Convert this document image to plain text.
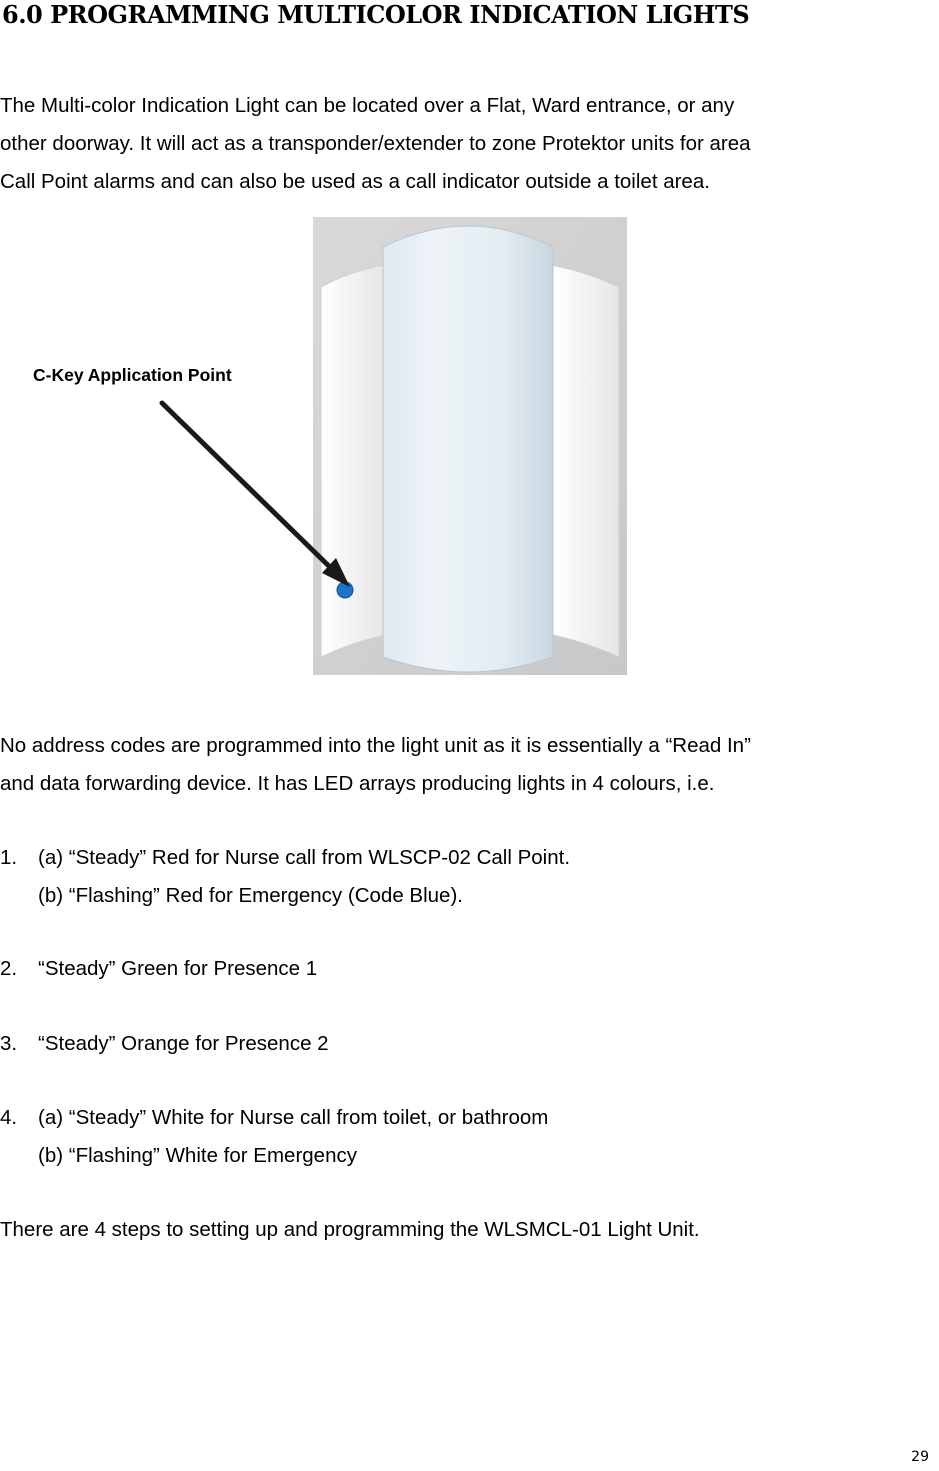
6.0 PROGRAMMING MULTICOLOR INDICATION LIGHTS
The Multi-color Indication Light can be located over a Flat, Ward entrance, or any
other doorway. It will act as a transponder/extender to zone Protektor units for area
Call Point alarms and can also be used as a call indicator outside a toilet area.
C-Key Application Point
No address codes are programmed into the light unit as it is essentially a “Read In”
and data forwarding device. It has LED arrays producing lights in 4 colours, i.e.
1. (a) “Steady” Red for Nurse call from WLSCP-02 Call Point.
(b) “Flashing” Red for Emergency (Code Blue).
2. “Steady” Green for Presence 1
3. “Steady” Orange for Presence 2
4. (a) “Steady” White for Nurse call from toilet, or bathroom
(b) “Flashing” White for Emergency
There are 4 steps to setting up and programming the WLSMCL-01 Light Unit.
29
